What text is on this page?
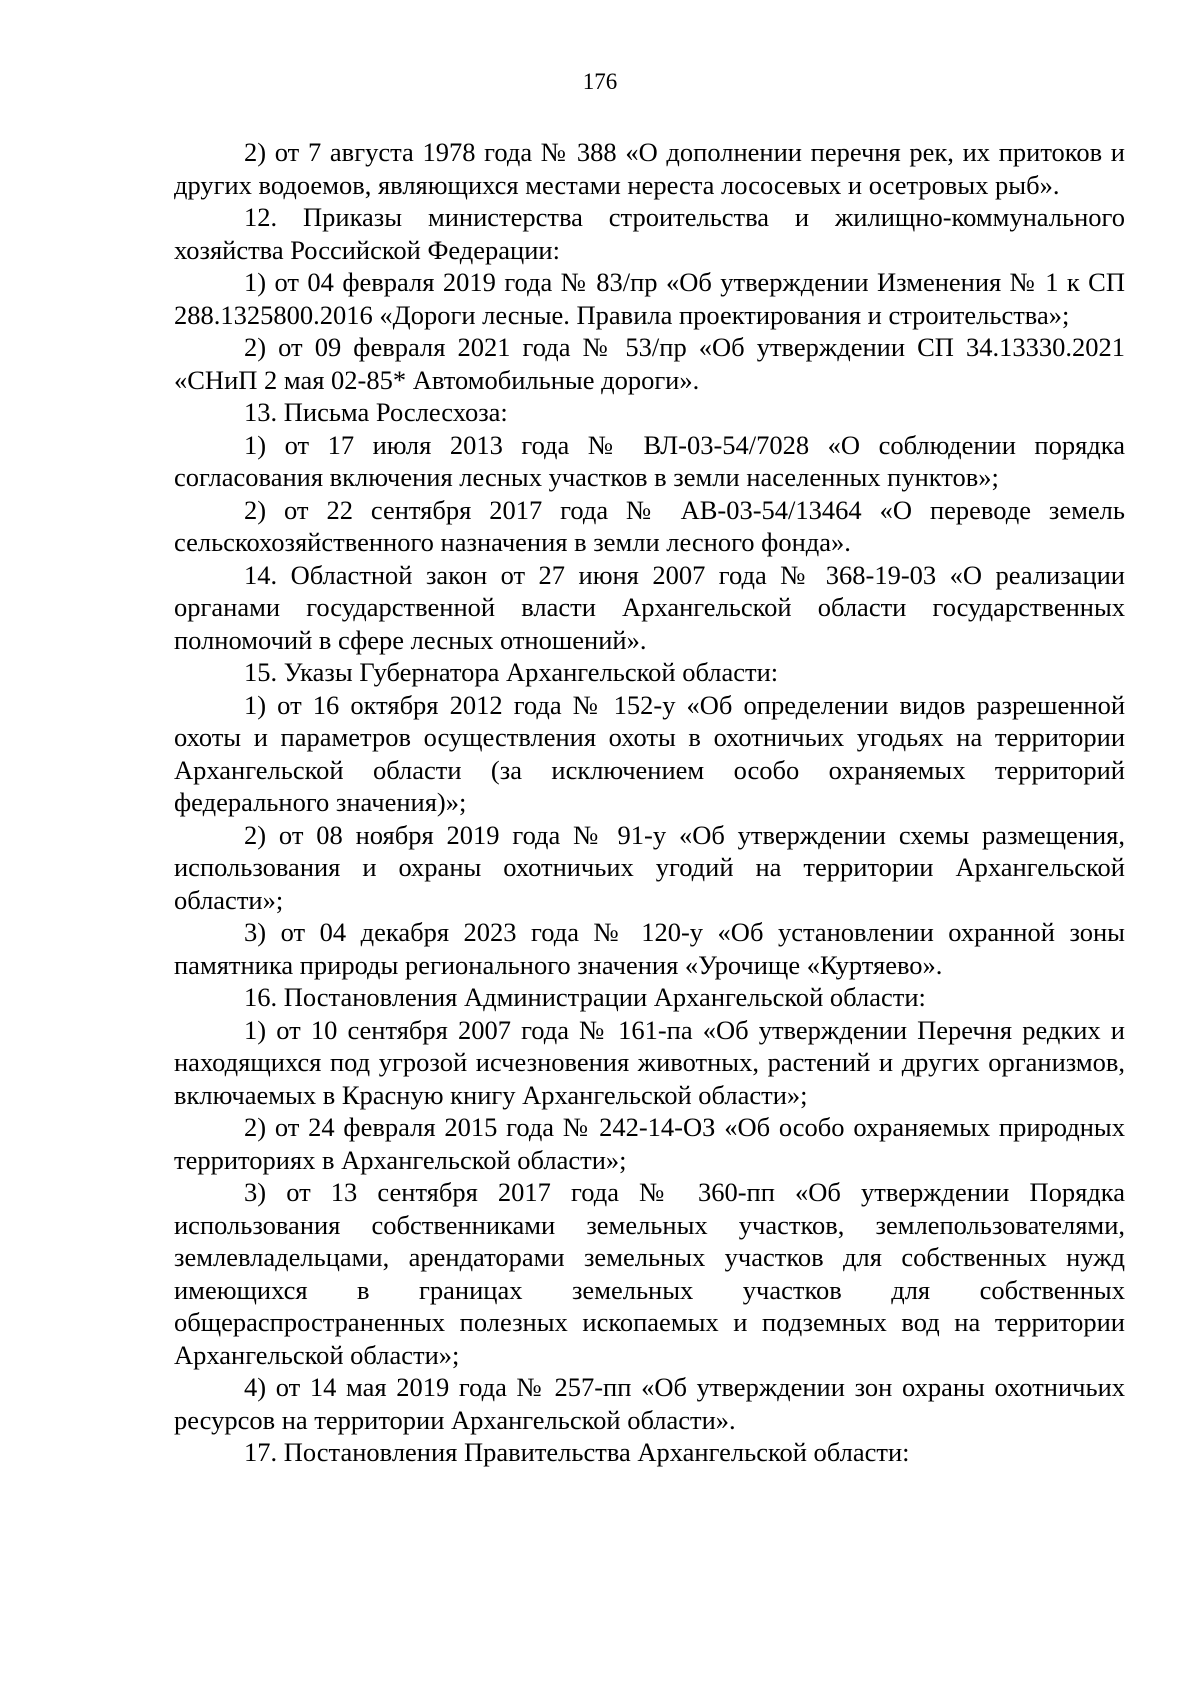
176

2) от 7 августа 1978 года № 388 «О дополнении перечня рек, их притоков и других водоемов, являющихся местами нереста лососевых и осетровых рыб».

12. Приказы министерства строительства и жилищно-коммунального хозяйства Российской Федерации:

1) от 04 февраля 2019 года № 83/пр «Об утверждении Изменения № 1 к СП 288.1325800.2016 «Дороги лесные. Правила проектирования и строительства»;

2) от 09 февраля 2021 года № 53/пр «Об утверждении СП 34.13330.2021 «СНиП 2 мая 02-85* Автомобильные дороги».

13. Письма Рослесхоза:

1) от 17 июля 2013 года № ВЛ-03-54/7028 «О соблюдении порядка согласования включения лесных участков в земли населенных пунктов»;

2) от 22 сентября 2017 года № АВ-03-54/13464 «О переводе земель сельскохозяйственного назначения в земли лесного фонда».

14. Областной закон от 27 июня 2007 года № 368-19-03 «О реализации органами государственной власти Архангельской области государственных полномочий в сфере лесных отношений».

15. Указы Губернатора Архангельской области:

1) от 16 октября 2012 года № 152-у «Об определении видов разрешенной охоты и параметров осуществления охоты в охотничьих угодьях на территории Архангельской области (за исключением особо охраняемых территорий федерального значения)»;

2) от 08 ноября 2019 года № 91-у «Об утверждении схемы размещения, использования и охраны охотничьих угодий на территории Архангельской области»;

3) от 04 декабря 2023 года № 120-у «Об установлении охранной зоны памятника природы регионального значения «Урочище «Куртяево».

16. Постановления Администрации Архангельской области:

1) от 10 сентября 2007 года № 161-па «Об утверждении Перечня редких и находящихся под угрозой исчезновения животных, растений и других организмов, включаемых в Красную книгу Архангельской области»;

2) от 24 февраля 2015 года № 242-14-ОЗ «Об особо охраняемых природных территориях в Архангельской области»;

3) от 13 сентября 2017 года № 360-пп «Об утверждении Порядка использования собственниками земельных участков, землепользователями, землевладельцами, арендаторами земельных участков для собственных нужд имеющихся в границах земельных участков для собственных общераспространенных полезных ископаемых и подземных вод на территории Архангельской области»;

4) от 14 мая 2019 года № 257-пп «Об утверждении зон охраны охотничьих ресурсов на территории Архангельской области».

17. Постановления Правительства Архангельской области:
